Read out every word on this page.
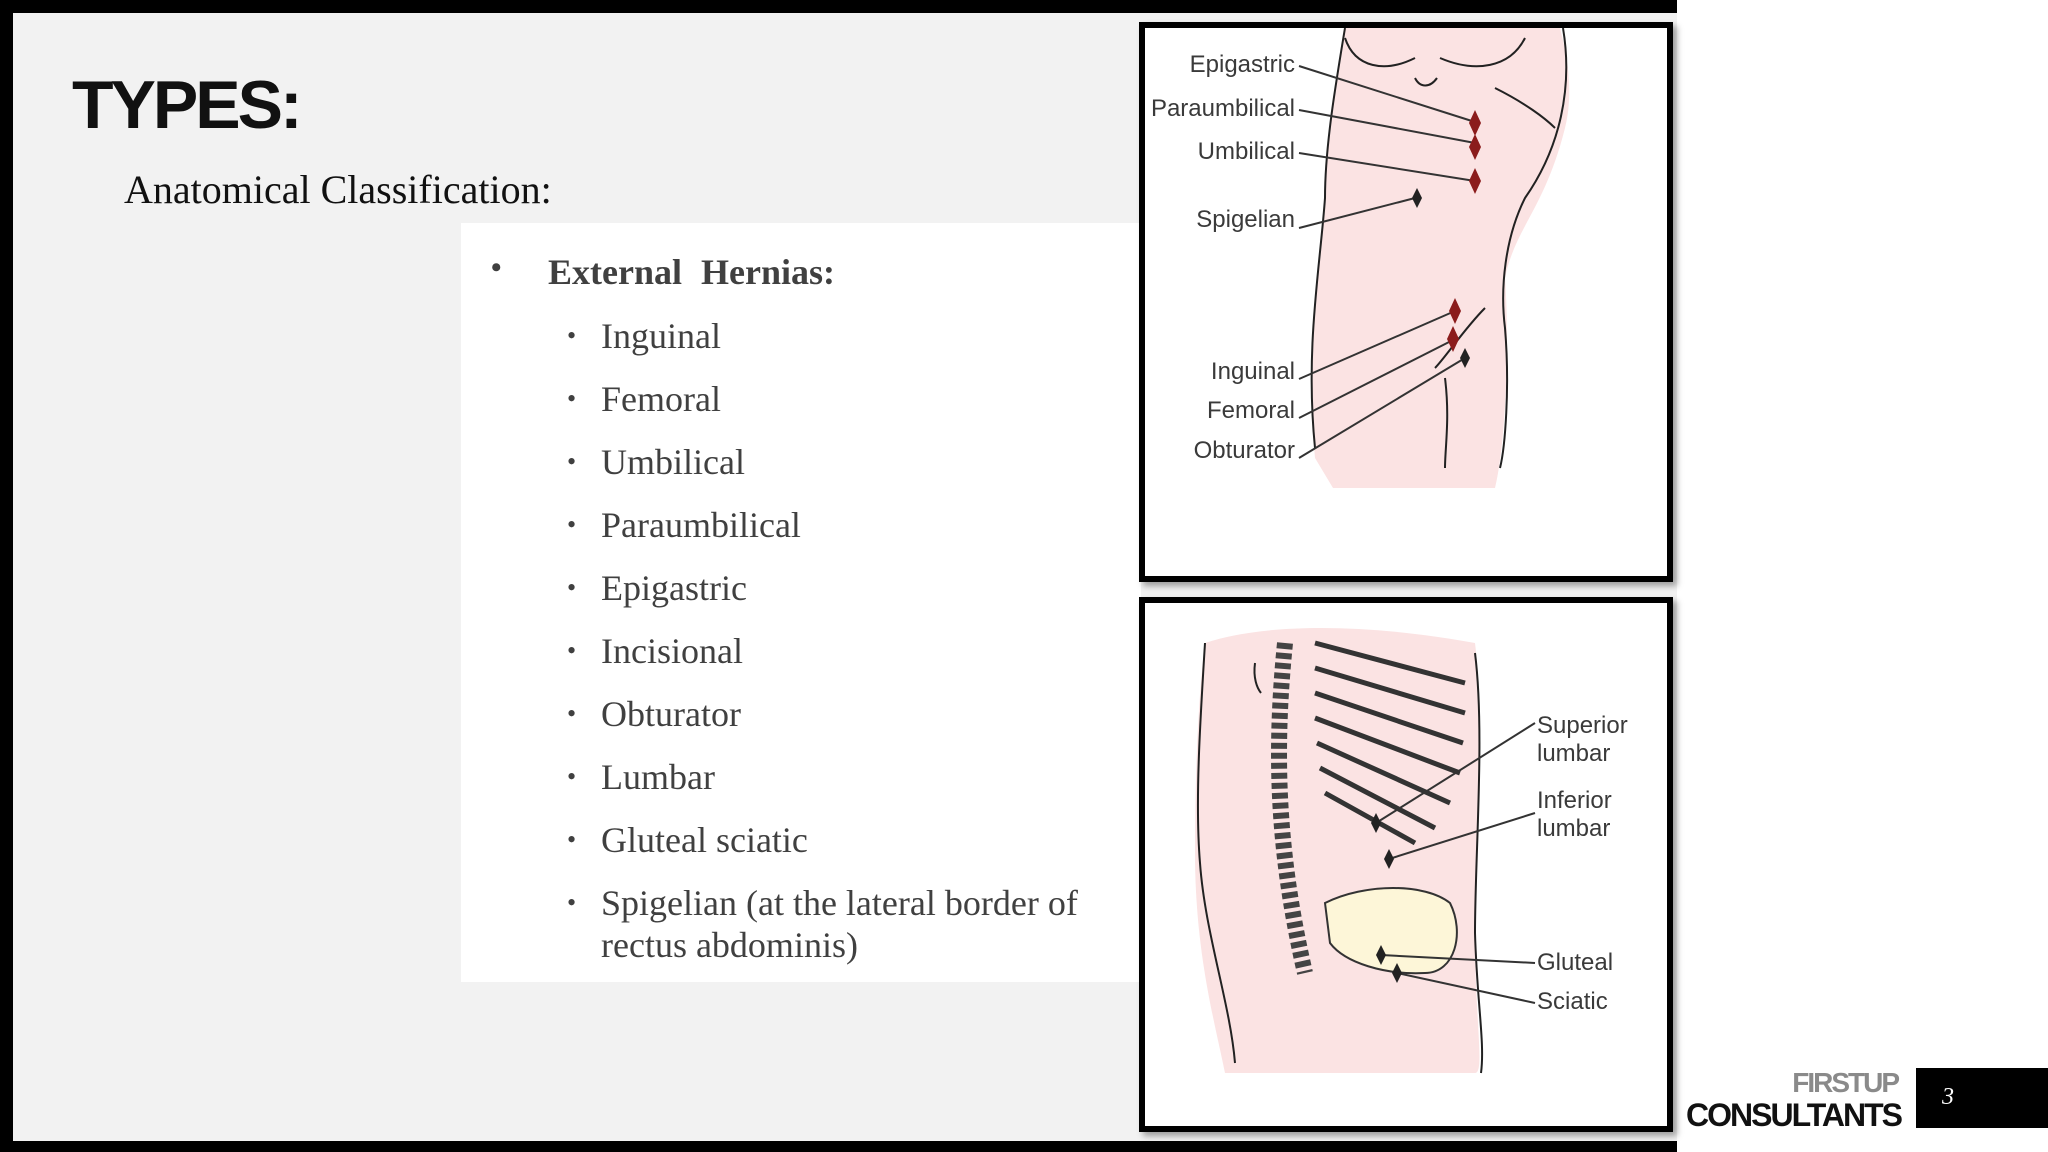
TYPES:
Anatomical Classification:
• External Hernias:
• Inguinal
• Femoral
• Umbilical
• Paraumbilical
• Epigastric
• Incisional
• Obturator
• Lumbar
• Gluteal sciatic
• Spigelian (at the lateral border of rectus abdominis)
Epigastric
Paraumbilical
Umbilical
Spigelian
Inguinal
Femoral
Obturator
Superior
lumbar
Inferior
lumbar
Gluteal
Sciatic
FIRSTUP
CONSULTANTS 3
